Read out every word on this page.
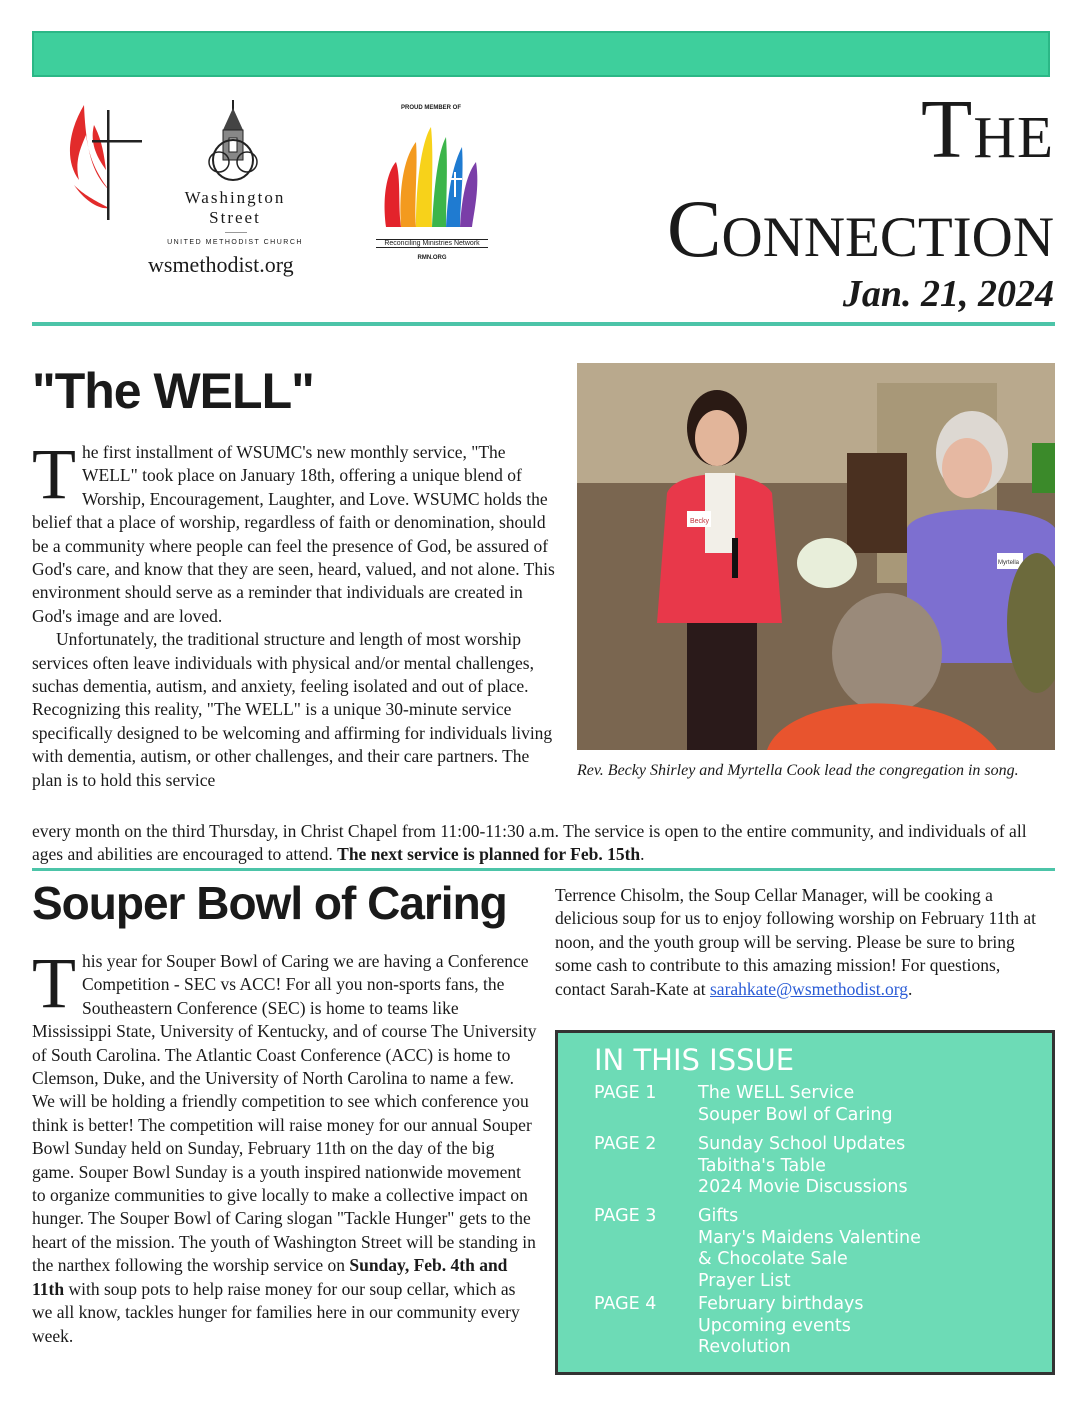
Washington
Street
UNITED METHODIST CHURCH
wsmethodist.org
PROUD MEMBER OF
Reconciling Ministries Network
RMN.ORG
The
Connection
Jan. 21, 2024
"The WELL"
The first installment of WSUMC's new monthly service, "The WELL" took place on January 18th, offering a unique blend of Worship, Encouragement, Laughter, and Love. WSUMC holds the belief that a place of worship, regardless of faith or denomination, should be a community where people can feel the presence of God, be assured of God's care, and know that they are seen, heard, valued, and not alone. This environment should serve as a reminder that individuals are created in God's image and are loved.
Unfortunately, the traditional structure and length of most worship services often leave individuals with physical and/or mental challenges, suchas dementia, autism, and anxiety, feeling isolated and out of place. Recognizing this reality, "The WELL" is a unique 30-minute service specifically designed to be welcoming and affirming for individuals living with dementia, autism, or other challenges, and their care partners. The plan is to hold this service
every month on the third Thursday, in Christ Chapel from 11:00-11:30 a.m. The service is open to the entire community, and individuals of all ages and abilities are encouraged to attend. The next service is planned for Feb. 15th.
Becky
Myrtella
Rev. Becky Shirley and Myrtella Cook lead the congregation in song.
Souper Bowl of Caring
This year for Souper Bowl of Caring we are having a Conference Competition - SEC vs ACC! For all you non-sports fans, the Southeastern Conference (SEC) is home to teams like Mississippi State, University of Kentucky, and of course The University of South Carolina. The Atlantic Coast Conference (ACC) is home to Clemson, Duke, and the University of North Carolina to name a few. We will be holding a friendly competition to see which conference you think is better! The competition will raise money for our annual Souper Bowl Sunday held on Sunday, February 11th on the day of the big game. Souper Bowl Sunday is a youth inspired nationwide movement to organize communities to give locally to make a collective impact on hunger. The Souper Bowl of Caring slogan "Tackle Hunger" gets to the heart of the mission. The youth of Washington Street will be standing in the narthex following the worship service on Sunday, Feb. 4th and 11th with soup pots to help raise money for our soup cellar, which as we all know, tackles hunger for families here in our community every week.
Terrence Chisolm, the Soup Cellar Manager, will be cooking a delicious soup for us to enjoy following worship on February 11th at noon, and the youth group will be serving. Please be sure to bring some cash to contribute to this amazing mission! For questions, contact Sarah-Kate at sarahkate@wsmethodist.org.
IN THIS ISSUE
PAGE 1	The WELL Service
Souper Bowl of Caring
PAGE 2	Sunday School Updates
Tabitha's Table
2024 Movie Discussions
PAGE 3	Gifts
Mary's Maidens Valentine
& Chocolate Sale
Prayer List
PAGE 4	February birthdays
Upcoming events
Revolution
